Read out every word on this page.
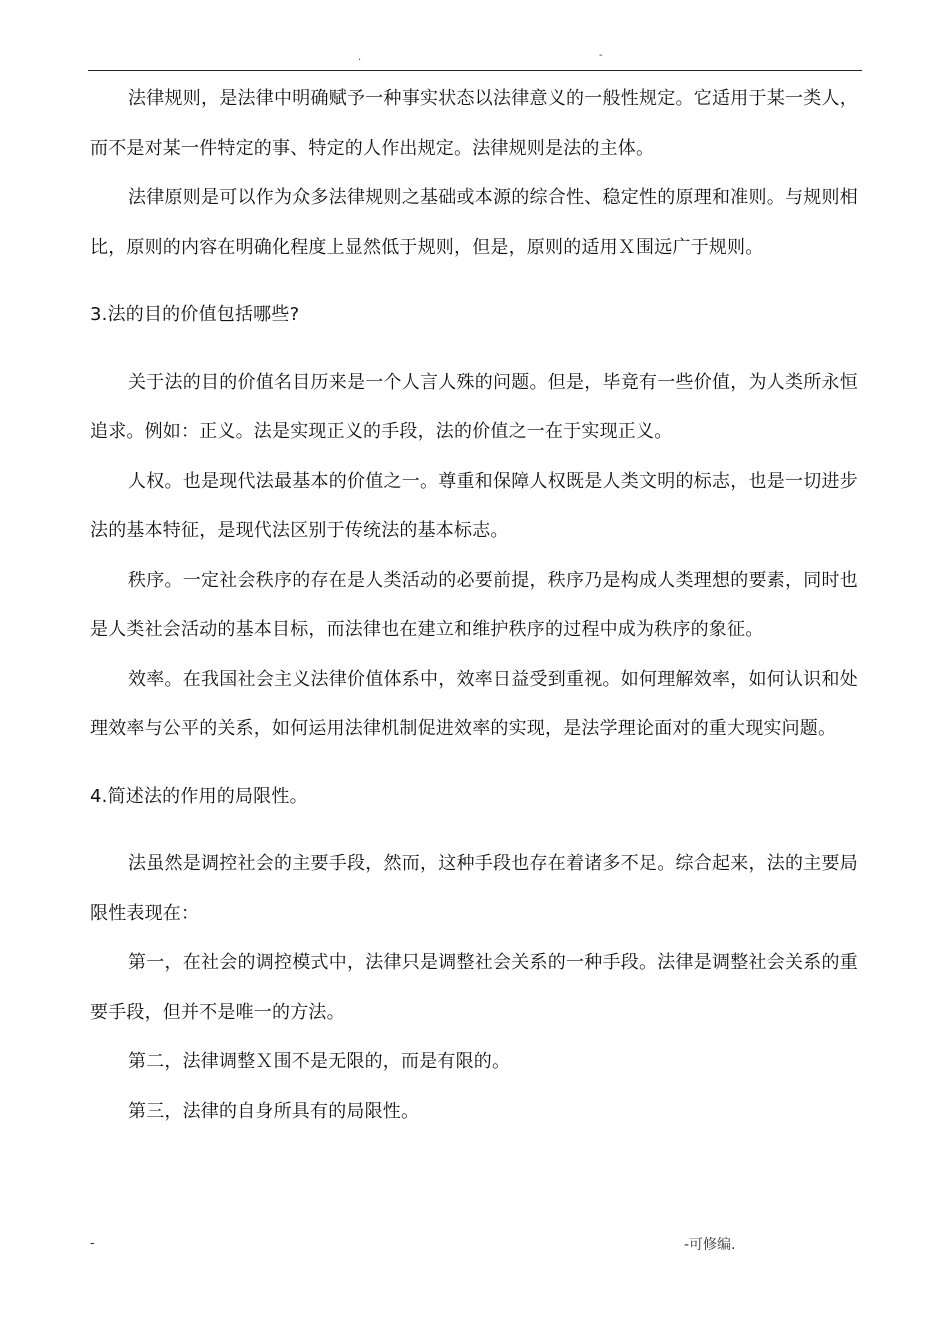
.	-

法律规则，是法律中明确赋予一种事实状态以法律意义的一般性规定。它适用于某一类人，而不是对某一件特定的事、特定的人作出规定。法律规则是法的主体。

法律原则是可以作为众多法律规则之基础或本源的综合性、稳定性的原理和准则。与规则相比，原则的内容在明确化程度上显然低于规则，但是，原则的适用Ｘ围远广于规则。

3.法的目的价值包括哪些?

关于法的目的价值名目历来是一个人言人殊的问题。但是，毕竟有一些价值，为人类所永恒追求。例如：正义。法是实现正义的手段，法的价值之一在于实现正义。

人权。也是现代法最基本的价值之一。尊重和保障人权既是人类文明的标志，也是一切进步法的基本特征，是现代法区别于传统法的基本标志。

秩序。一定社会秩序的存在是人类活动的必要前提，秩序乃是构成人类理想的要素，同时也是人类社会活动的基本目标，而法律也在建立和维护秩序的过程中成为秩序的象征。

效率。在我国社会主义法律价值体系中，效率日益受到重视。如何理解效率，如何认识和处理效率与公平的关系，如何运用法律机制促进效率的实现，是法学理论面对的重大现实问题。

4.简述法的作用的局限性。

法虽然是调控社会的主要手段，然而，这种手段也存在着诸多不足。综合起来，法的主要局限性表现在：

第一，在社会的调控模式中，法律只是调整社会关系的一种手段。法律是调整社会关系的重要手段，但并不是唯一的方法。

第二，法律调整Ｘ围不是无限的，而是有限的。

第三，法律的自身所具有的局限性。

-	-可修编.
